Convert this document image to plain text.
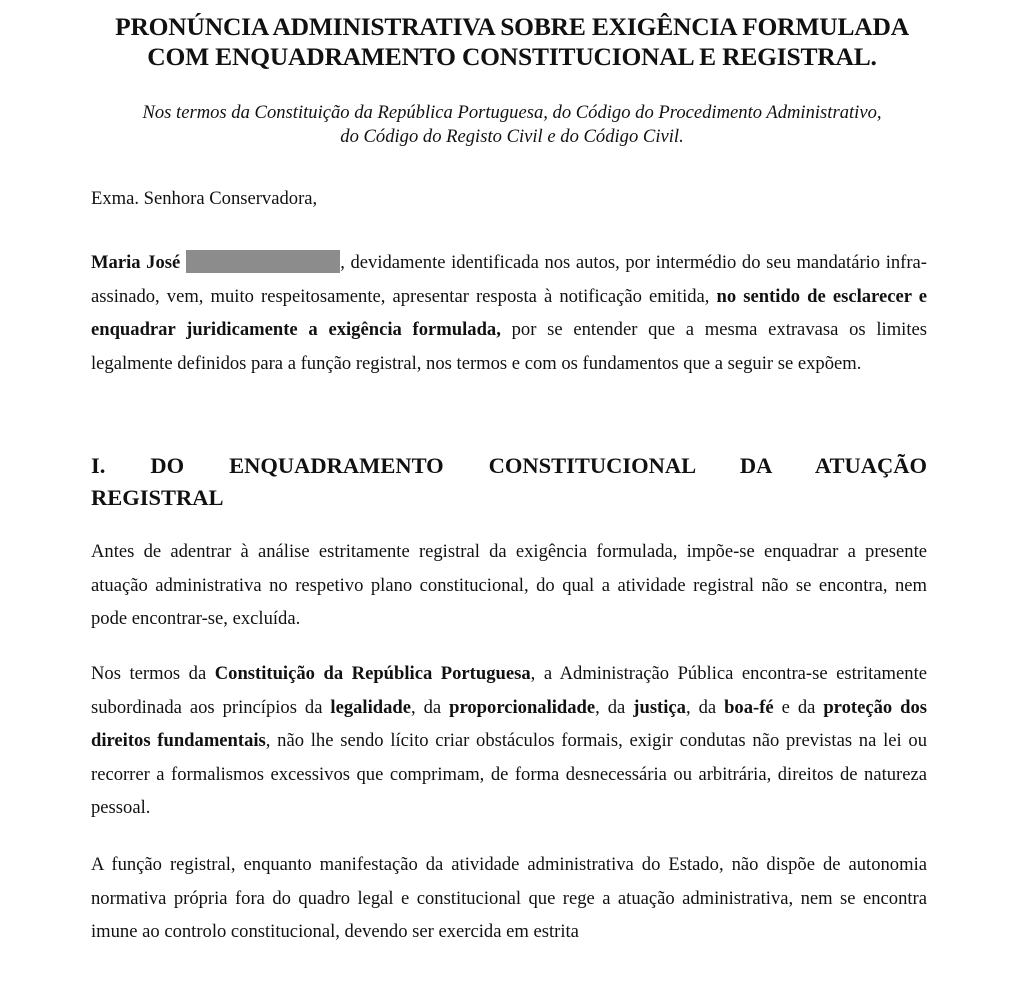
PRONÚNCIA ADMINISTRATIVA SOBRE EXIGÊNCIA FORMULADA
COM ENQUADRAMENTO CONSTITUCIONAL E REGISTRAL.
Nos termos da Constituição da República Portuguesa, do Código do Procedimento Administrativo,
do Código do Registo Civil e do Código Civil.
Exma. Senhora Conservadora,
Maria José	, devidamente identificada nos autos, por intermédio do seu mandatário infra-assinado, vem, muito respeitosamente, apresentar resposta à notificação emitida, no sentido de esclarecer e enquadrar juridicamente a exigência formulada, por se entender que a mesma extravasa os limites legalmente definidos para a função registral, nos termos e com os fundamentos que a seguir se expõem.
I. DO ENQUADRAMENTO CONSTITUCIONAL DA ATUAÇÃO
REGISTRAL
Antes de adentrar à análise estritamente registral da exigência formulada, impõe-se enquadrar a presente atuação administrativa no respetivo plano constitucional, do qual a atividade registral não se encontra, nem pode encontrar-se, excluída.
Nos termos da Constituição da República Portuguesa, a Administração Pública encontra-se estritamente subordinada aos princípios da legalidade, da proporcionalidade, da justiça, da boa-fé e da proteção dos direitos fundamentais, não lhe sendo lícito criar obstáculos formais, exigir condutas não previstas na lei ou recorrer a formalismos excessivos que comprimam, de forma desnecessária ou arbitrária, direitos de natureza pessoal.
A função registral, enquanto manifestação da atividade administrativa do Estado, não dispõe de autonomia normativa própria fora do quadro legal e constitucional que rege a atuação administrativa, nem se encontra imune ao controlo constitucional, devendo ser exercida em estrita
